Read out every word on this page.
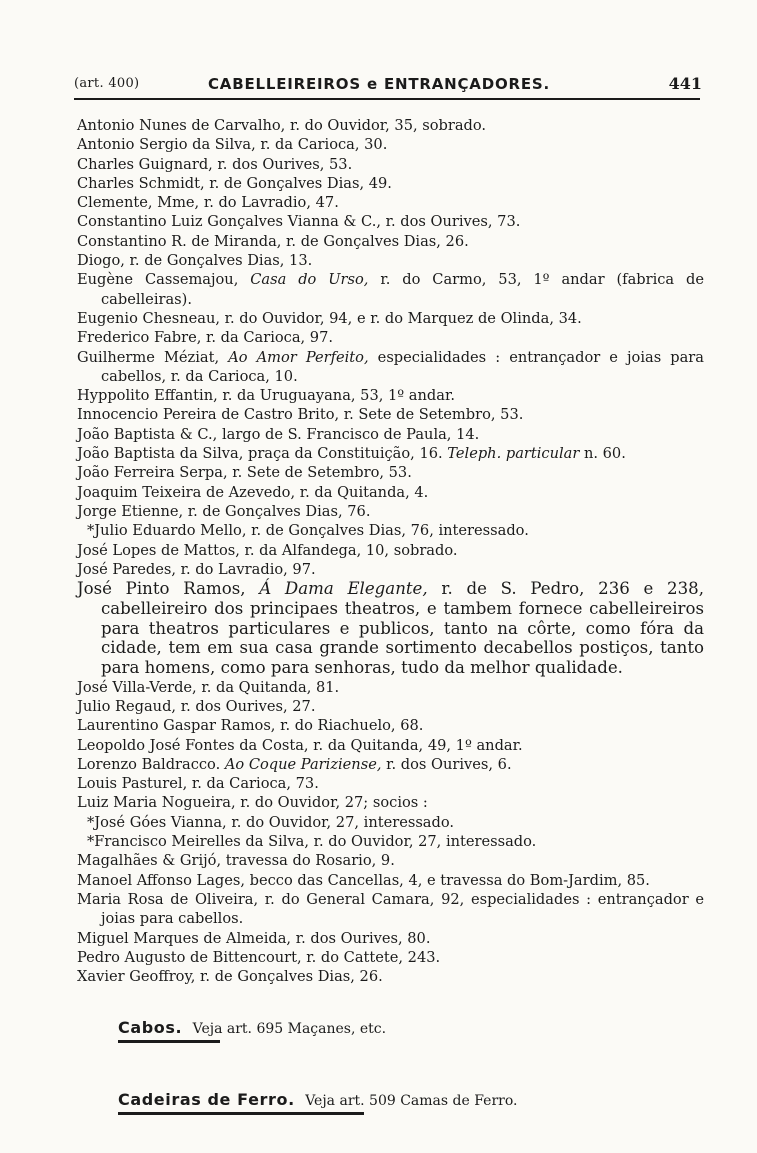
(art. 400)	CABELLEIREIROS e ENTRANÇADORES.	441
Antonio Nunes de Carvalho, r. do Ouvidor, 35, sobrado.
Antonio Sergio da Silva, r. da Carioca, 30.
Charles Guignard, r. dos Ourives, 53.
Charles Schmidt, r. de Gonçalves Dias, 49.
Clemente, Mme, r. do Lavradio, 47.
Constantino Luiz Gonçalves Vianna & C., r. dos Ourives, 73.
Constantino R. de Miranda, r. de Gonçalves Dias, 26.
Diogo, r. de Gonçalves Dias, 13.
Eugène Cassemajou, Casa do Urso, r. do Carmo, 53, 1º andar (fabrica de cabelleiras).
Eugenio Chesneau, r. do Ouvidor, 94, e r. do Marquez de Olinda, 34.
Frederico Fabre, r. da Carioca, 97.
Guilherme Méziat, Ao Amor Perfeito, especialidades : entrançador e joias para cabellos, r. da Carioca, 10.
Hyppolito Effantin, r. da Uruguayana, 53, 1º andar.
Innocencio Pereira de Castro Brito, r. Sete de Setembro, 53.
João Baptista & C., largo de S. Francisco de Paula, 14.
João Baptista da Silva, praça da Constituição, 16. Teleph. particular n. 60.
João Ferreira Serpa, r. Sete de Setembro, 53.
Joaquim Teixeira de Azevedo, r. da Quitanda, 4.
Jorge Etienne, r. de Gonçalves Dias, 76.
*Julio Eduardo Mello, r. de Gonçalves Dias, 76, interessado.
José Lopes de Mattos, r. da Alfandega, 10, sobrado.
José Paredes, r. do Lavradio, 97.
José Pinto Ramos, Á Dama Elegante, r. de S. Pedro, 236 e 238, cabelleireiro dos principaes theatros, e tambem fornece cabelleireiros para theatros particulares e publicos, tanto na côrte, como fóra da cidade, tem em sua casa grande sortimento decabellos postiços, tanto para homens, como para senhoras, tudo da melhor qualidade.
José Villa-Verde, r. da Quitanda, 81.
Julio Regaud, r. dos Ourives, 27.
Laurentino Gaspar Ramos, r. do Riachuelo, 68.
Leopoldo José Fontes da Costa, r. da Quitanda, 49, 1º andar.
Lorenzo Baldracco. Ao Coque Pariziense, r. dos Ourives, 6.
Louis Pasturel, r. da Carioca, 73.
Luiz Maria Nogueira, r. do Ouvidor, 27; socios :
*José Góes Vianna, r. do Ouvidor, 27, interessado.
*Francisco Meirelles da Silva, r. do Ouvidor, 27, interessado.
Magalhães & Grijó, travessa do Rosario, 9.
Manoel Affonso Lages, becco das Cancellas, 4, e travessa do Bom-Jardim, 85.
Maria Rosa de Oliveira, r. do General Camara, 92, especialidades : entrançador e joias para cabellos.
Miguel Marques de Almeida, r. dos Ourives, 80.
Pedro Augusto de Bittencourt, r. do Cattete, 243.
Xavier Geoffroy, r. de Gonçalves Dias, 26.
Cabos. Veja art. 695 Maçanes, etc.
Cadeiras de Ferro. Veja art. 509 Camas de Ferro.
